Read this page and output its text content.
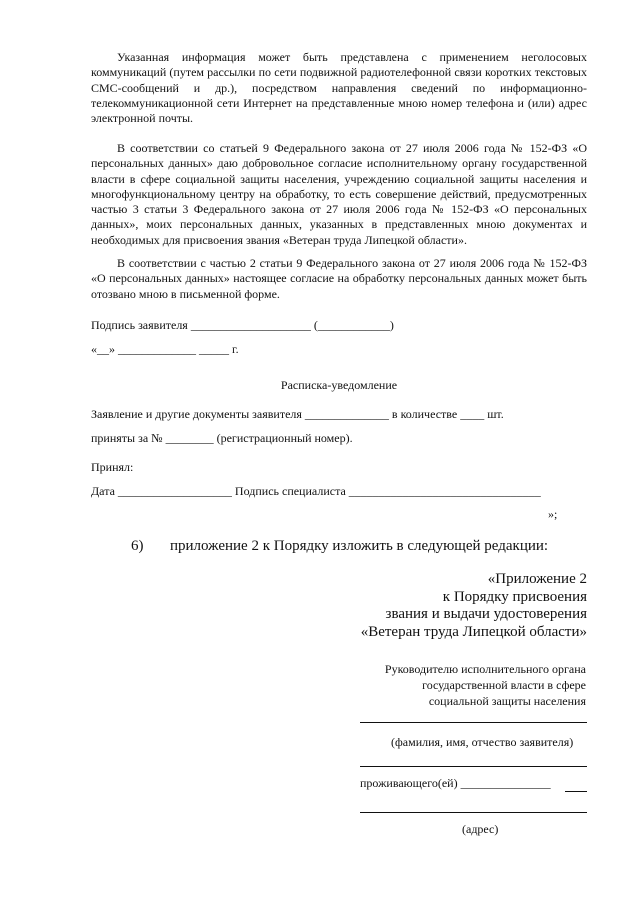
Указанная информация может быть представлена с применением неголосовых коммуникаций (путем рассылки по сети подвижной радиотелефонной связи коротких текстовых СМС-сообщений и др.), посредством направления сведений по информационно-телекоммуникационной сети Интернет на представленные мною номер телефона и (или) адрес электронной почты.

В соответствии со статьей 9 Федерального закона от 27 июля 2006 года № 152-ФЗ «О персональных данных» даю добровольное согласие исполнительному органу государственной власти в сфере социальной защиты населения, учреждению социальной защиты населения и многофункциональному центру на обработку, то есть совершение действий, предусмотренных частью 3 статьи 3 Федерального закона от 27 июля 2006 года № 152-ФЗ «О персональных данных», моих персональных данных, указанных в представленных мною документах и необходимых для присвоения звания «Ветеран труда Липецкой области».

В соответствии с частью 2 статьи 9 Федерального закона от 27 июля 2006 года № 152-ФЗ «О персональных данных» настоящее согласие на обработку персональных данных может быть отозвано мною в письменной форме.

Подпись заявителя ____________________ (____________)

«__» _____________ _____ г.

Расписка-уведомление

Заявление и другие документы заявителя ______________ в количестве ____ шт.

приняты за № ________ (регистрационный номер).

Принял:

Дата ___________________ Подпись специалиста ________________________________

»;

6) приложение 2 к Порядку изложить в следующей редакции:

«Приложение 2
к Порядку присвоения
звания и выдачи удостоверения
«Ветеран труда Липецкой области»
Руководителю исполнительного органа
государственной власти в сфере
социальной защиты населения

(фамилия, имя, отчество заявителя)

проживающего(ей) _______________

(адрес)
